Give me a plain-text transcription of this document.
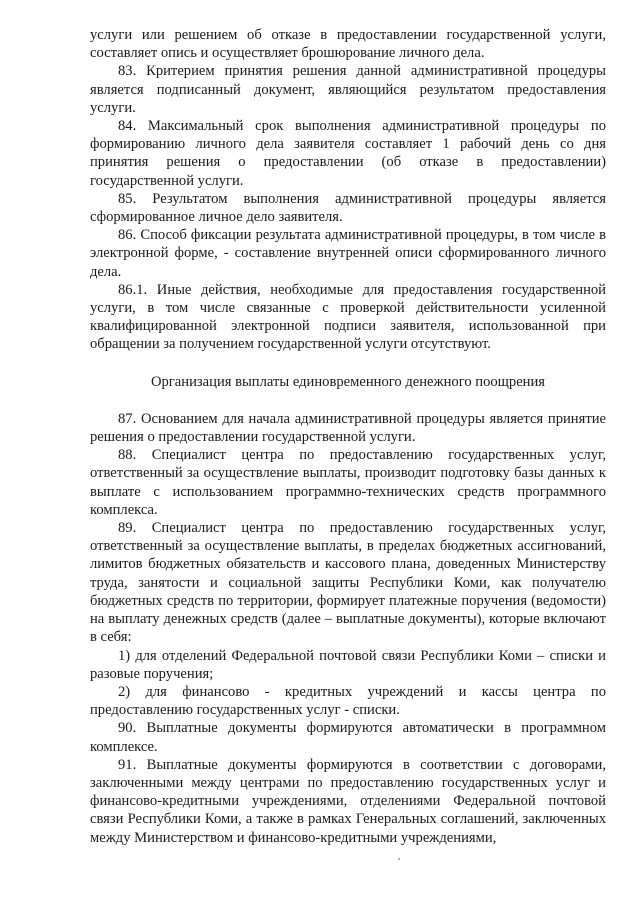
услуги или решением об отказе в предоставлении государственной услуги, составляет опись и осуществляет брошюрование личного дела.

83. Критерием принятия решения данной административной процедуры является подписанный документ, являющийся результатом предоставления услуги.

84. Максимальный срок выполнения административной процедуры по формированию личного дела заявителя составляет 1 рабочий день со дня принятия решения о предоставлении (об отказе в предоставлении) государственной услуги.

85. Результатом выполнения административной процедуры является сформированное личное дело заявителя.

86. Способ фиксации результата административной процедуры, в том числе в электронной форме, - составление внутренней описи сформированного личного дела.

86.1. Иные действия, необходимые для предоставления государственной услуги, в том числе связанные с проверкой действительности усиленной квалифицированной электронной подписи заявителя, использованной при обращении за получением государственной услуги отсутствуют.

Организация выплаты единовременного денежного поощрения

87. Основанием для начала административной процедуры является принятие решения о предоставлении государственной услуги.

88. Специалист центра по предоставлению государственных услуг, ответственный за осуществление выплаты, производит подготовку базы данных к выплате с использованием программно-технических средств программного комплекса.

89. Специалист центра по предоставлению государственных услуг, ответственный за осуществление выплаты, в пределах бюджетных ассигнований, лимитов бюджетных обязательств и кассового плана, доведенных Министерству труда, занятости и социальной защиты Республики Коми, как получателю бюджетных средств по территории, формирует платежные поручения (ведомости) на выплату денежных средств (далее – выплатные документы), которые включают в себя:

1) для отделений Федеральной почтовой связи Республики Коми – списки и разовые поручения;

2) для финансово - кредитных учреждений и кассы центра по предоставлению государственных услуг - списки.

90. Выплатные документы формируются автоматически в программном комплексе.

91. Выплатные документы формируются в соответствии с договорами, заключенными между центрами по предоставлению государственных услуг и финансово-кредитными учреждениями, отделениями Федеральной почтовой связи Республики Коми, а также в рамках Генеральных соглашений, заключенных между Министерством и финансово-кредитными учреждениями,
